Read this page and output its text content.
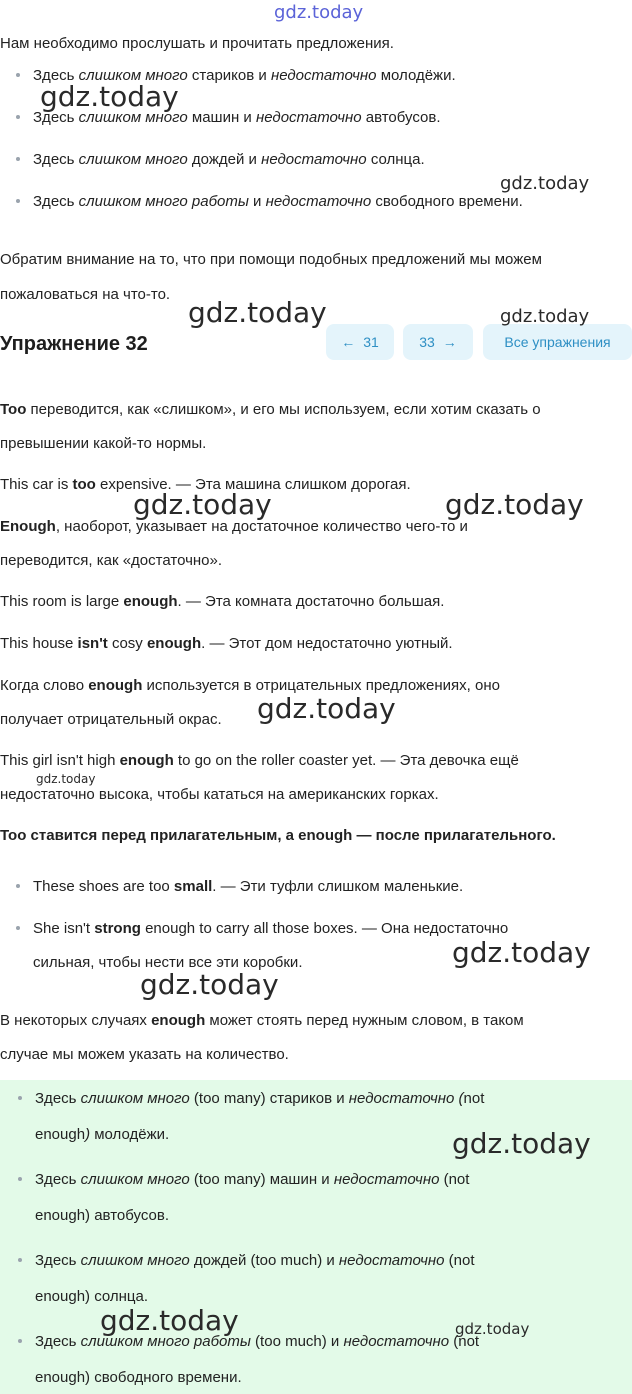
gdz.today

Нам необходимо прослушать и прочитать предложения.

Здесь слишком много стариков и недостаточно молодёжи.

Здесь слишком много машин и недостаточно автобусов.

Здесь слишком много дождей и недостаточно солнца.

Здесь слишком много работы и недостаточно свободного времени.

Обратим внимание на то, что при помощи подобных предложений мы можем

пожаловаться на что-то.

Упражнение 32	← 31	33 →	Все упражнения

Too переводится, как «слишком», и его мы используем, если хотим сказать о

превышении какой-то нормы.

This car is too expensive. — Эта машина слишком дорогая.

Enough, наоборот, указывает на достаточное количество чего-то и

переводится, как «достаточно».

This room is large enough. — Эта комната достаточно большая.

This house isn't cosy enough. — Этот дом недостаточно уютный.

Когда слово enough используется в отрицательных предложениях, оно

получает отрицательный окрас.

This girl isn't high enough to go on the roller coaster yet. — Эта девочка ещё

недостаточно высока, чтобы кататься на американских горках.

Too ставится перед прилагательным, а enough — после прилагательного.

These shoes are too small. — Эти туфли слишком маленькие.

She isn't strong enough to carry all those boxes. — Она недостаточно

сильная, чтобы нести все эти коробки.

В некоторых случаях enough может стоять перед нужным словом, в таком

случае мы можем указать на количество.

Здесь слишком много (too many) стариков и недостаточно (not

enough) молодёжи.

Здесь слишком много (too many) машин и недостаточно (not

enough) автобусов.

Здесь слишком много дождей (too much) и недостаточно (not

enough) солнца.

Здесь слишком много работы (too much) и недостаточно (not

enough) свободного времени.

gdz.today
gdz.today
gdz.today	gdz.today
gdz.today	gdz.today
gdz.today
gdz.today
gdz.today
gdz.today
gdz.today
gdz.today	gdz.today
